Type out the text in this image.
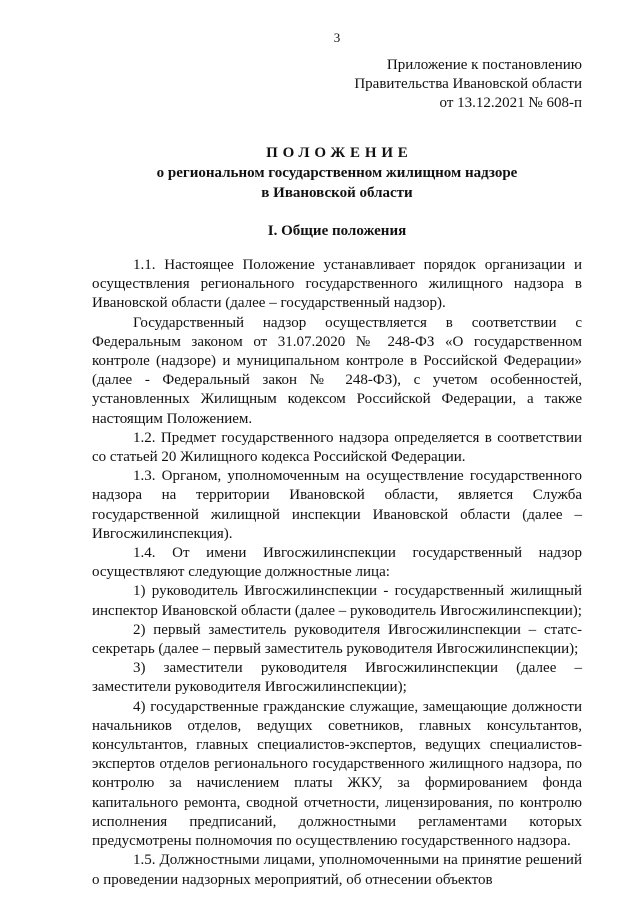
3
Приложение к постановлению
Правительства Ивановской области
от 13.12.2021 № 608-п
ПОЛОЖЕНИЕ
о региональном государственном жилищном надзоре
в Ивановской области
I. Общие положения

1.1. Настоящее Положение устанавливает порядок организации и осуществления регионального государственного жилищного надзора в Ивановской области (далее – государственный надзор).

Государственный надзор осуществляется в соответствии с Федеральным законом от 31.07.2020 № 248-ФЗ «О государственном контроле (надзоре) и муниципальном контроле в Российской Федерации» (далее - Федеральный закон № 248-ФЗ), с учетом особенностей, установленных Жилищным кодексом Российской Федерации, а также настоящим Положением.

1.2. Предмет государственного надзора определяется в соответствии со статьей 20 Жилищного кодекса Российской Федерации.

1.3. Органом, уполномоченным на осуществление государственного надзора на территории Ивановской области, является Служба государственной жилищной инспекции Ивановской области (далее – Ивгосжилинспекция).

1.4. От имени Ивгосжилинспекции государственный надзор осуществляют следующие должностные лица:

1) руководитель Ивгосжилинспекции - государственный жилищный инспектор Ивановской области (далее – руководитель Ивгосжилинспекции);

2) первый заместитель руководителя Ивгосжилинспекции – статс-секретарь (далее – первый заместитель руководителя Ивгосжилинспекции);

3) заместители руководителя Ивгосжилинспекции (далее – заместители руководителя Ивгосжилинспекции);

4) государственные гражданские служащие, замещающие должности начальников отделов, ведущих советников, главных консультантов, консультантов, главных специалистов-экспертов, ведущих специалистов-экспертов отделов регионального государственного жилищного надзора, по контролю за начислением платы ЖКУ, за формированием фонда капитального ремонта, сводной отчетности, лицензирования, по контролю исполнения предписаний, должностными регламентами которых предусмотрены полномочия по осуществлению государственного надзора.

1.5. Должностными лицами, уполномоченными на принятие решений о проведении надзорных мероприятий, об отнесении объектов
